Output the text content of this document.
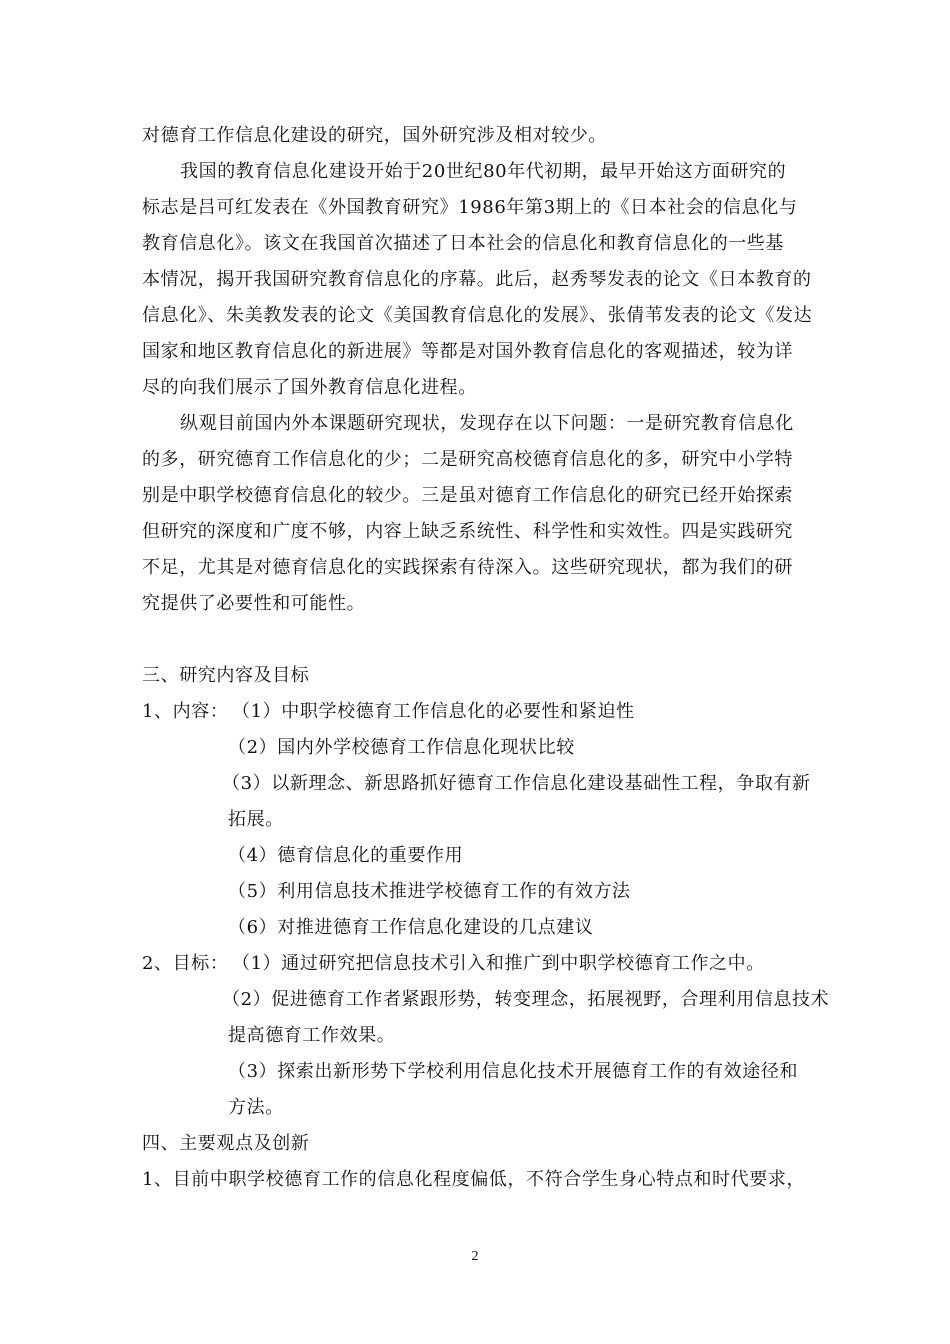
对德育工作信息化建设的研究，国外研究涉及相对较少。
我国的教育信息化建设开始于20世纪80年代初期，最早开始这方面研究的
标志是吕可红发表在《外国教育研究》1986年第3期上的《日本社会的信息化与
教育信息化》。该文在我国首次描述了日本社会的信息化和教育信息化的一些基
本情况，揭开我国研究教育信息化的序幕。此后，赵秀琴发表的论文《日本教育的
信息化》、朱美教发表的论文《美国教育信息化的发展》、张倩苇发表的论文《发达
国家和地区教育信息化的新进展》等都是对国外教育信息化的客观描述，较为详
尽的向我们展示了国外教育信息化进程。
纵观目前国内外本课题研究现状，发现存在以下问题：一是研究教育信息化
的多，研究德育工作信息化的少；二是研究高校德育信息化的多，研究中小学特
别是中职学校德育信息化的较少。三是虽对德育工作信息化的研究已经开始探索
但研究的深度和广度不够，内容上缺乏系统性、科学性和实效性。四是实践研究
不足，尤其是对德育信息化的实践探索有待深入。这些研究现状，都为我们的研
究提供了必要性和可能性。
三、研究内容及目标
1、内容： （1）中职学校德育工作信息化的必要性和紧迫性
（2）国内外学校德育工作信息化现状比较
（3）以新理念、新思路抓好德育工作信息化建设基础性工程，争取有新
拓展。
（4）德育信息化的重要作用
（5）利用信息技术推进学校德育工作的有效方法
（6）对推进德育工作信息化建设的几点建议
2、目标： （1）通过研究把信息技术引入和推广到中职学校德育工作之中。
（2）促进德育工作者紧跟形势，转变理念，拓展视野，合理利用信息技术
提高德育工作效果。
（3）探索出新形势下学校利用信息化技术开展德育工作的有效途径和
方法。
四、主要观点及创新
1、目前中职学校德育工作的信息化程度偏低，不符合学生身心特点和时代要求，
2
